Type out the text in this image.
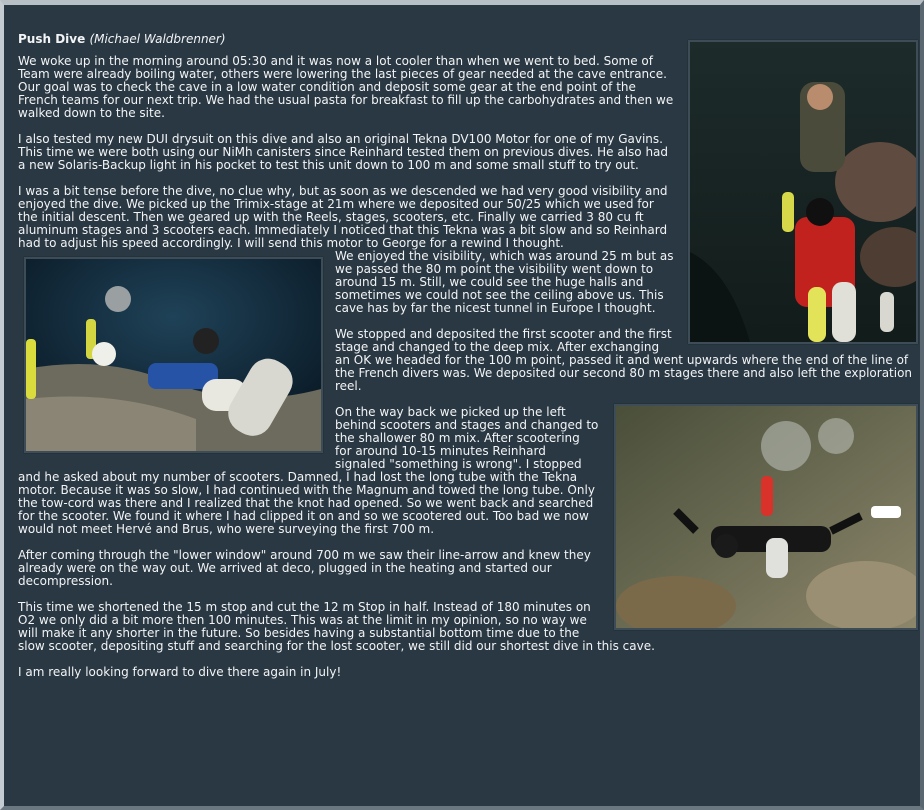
Push Dive (Michael Waldbrenner)

We woke up in the morning around 05:30 and it was now a lot cooler than when we went to bed. Some of Team were already boiling water, others were lowering the last pieces of gear needed at the cave entrance. Our goal was to check the cave in a low water condition and deposit some gear at the end point of the French teams for our next trip. We had the usual pasta for breakfast to fill up the carbohydrates and then we walked down to the site.

I also tested my new DUI drysuit on this dive and also an original Tekna DV100 Motor for one of my Gavins. This time we were both using our NiMh canisters since Reinhard tested them on previous dives. He also had a new Solaris-Backup light in his pocket to test this unit down to 100 m and some small stuff to try out.

I was a bit tense before the dive, no clue why, but as soon as we descended we had very good visibility and enjoyed the dive. We picked up the Trimix-stage at 21m where we deposited our 50/25 which we used for the initial descent. Then we geared up with the Reels, stages, scooters, etc. Finally we carried 3 80 cu ft aluminum stages and 3 scooters each. Immediately I noticed that this Tekna was a bit slow and so Reinhard had to adjust his speed accordingly. I will send this motor to George for a rewind I thought.

We enjoyed the visibility, which was around 25 m but as we passed the 80 m point the visibility went down to around 15 m. Still, we could see the huge halls and sometimes we could not see the ceiling above us. This cave has by far the nicest tunnel in Europe I thought.

We stopped and deposited the first scooter and the first stage and changed to the deep mix. After exchanging an OK we headed for the 100 m point, passed it and went upwards where the end of the line of the French divers was. We deposited our second 80 m stages there and also left the exploration reel.

On the way back we picked up the left behind scooters and stages and changed to the shallower 80 m mix. After scootering for around 10-15 minutes Reinhard signaled "something is wrong". I stopped and he asked about my number of scooters. Damned, I had lost the long tube with the Tekna motor. Because it was so slow, I had continued with the Magnum and towed the long tube. Only the tow-cord was there and I realized that the knot had opened. So we went back and searched for the scooter. We found it where I had clipped it on and so we scootered out. Too bad we now would not meet Hervé and Brus, who were surveying the first 700 m.

After coming through the "lower window" around 700 m we saw their line-arrow and knew they already were on the way out. We arrived at deco, plugged in the heating and started our decompression.

This time we shortened the 15 m stop and cut the 12 m Stop in half. Instead of 180 minutes on O2 we only did a bit more then 100 minutes. This was at the limit in my opinion, so no way we will make it any shorter in the future. So besides having a substantial bottom time due to the slow scooter, depositing stuff and searching for the lost scooter, we still did our shortest dive in this cave.

I am really looking forward to dive there again in July!
